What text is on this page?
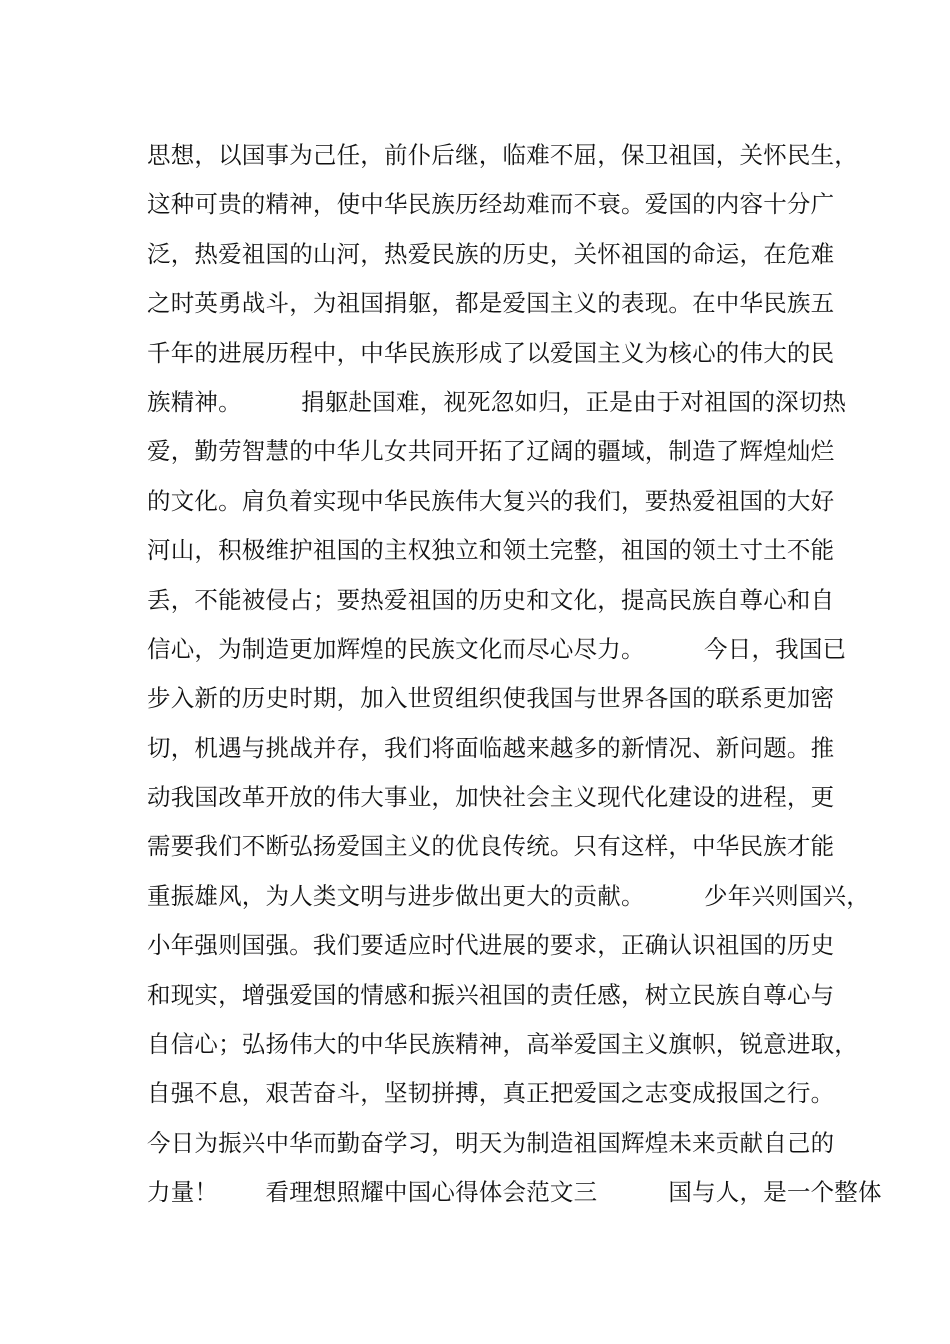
思想，以国事为己任，前仆后继，临难不屈，保卫祖国，关怀民生，
这种可贵的精神，使中华民族历经劫难而不衰。爱国的内容十分广
泛，热爱祖国的山河，热爱民族的历史，关怀祖国的命运，在危难
之时英勇战斗，为祖国捐躯，都是爱国主义的表现。在中华民族五
千年的进展历程中，中华民族形成了以爱国主义为核心的伟大的民
族精神。　　　捐躯赴国难，视死忽如归，正是由于对祖国的深切热
爱，勤劳智慧的中华儿女共同开拓了辽阔的疆域，制造了辉煌灿烂
的文化。肩负着实现中华民族伟大复兴的我们，要热爱祖国的大好
河山，积极维护祖国的主权独立和领土完整，祖国的领土寸土不能
丢，不能被侵占；要热爱祖国的历史和文化，提高民族自尊心和自
信心，为制造更加辉煌的民族文化而尽心尽力。　　　今日，我国已
步入新的历史时期，加入世贸组织使我国与世界各国的联系更加密
切，机遇与挑战并存，我们将面临越来越多的新情况、新问题。推
动我国改革开放的伟大事业，加快社会主义现代化建设的进程，更
需要我们不断弘扬爱国主义的优良传统。只有这样，中华民族才能
重振雄风，为人类文明与进步做出更大的贡献。　　　少年兴则国兴，
小年强则国强。我们要适应时代进展的要求，正确认识祖国的历史
和现实，增强爱国的情感和振兴祖国的责任感，树立民族自尊心与
自信心；弘扬伟大的中华民族精神，高举爱国主义旗帜，锐意进取，
自强不息，艰苦奋斗，坚韧拼搏，真正把爱国之志变成报国之行。
今日为振兴中华而勤奋学习，明天为制造祖国辉煌未来贡献自己的
力量！　　看理想照耀中国心得体会范文三　　　国与人，是一个整体
